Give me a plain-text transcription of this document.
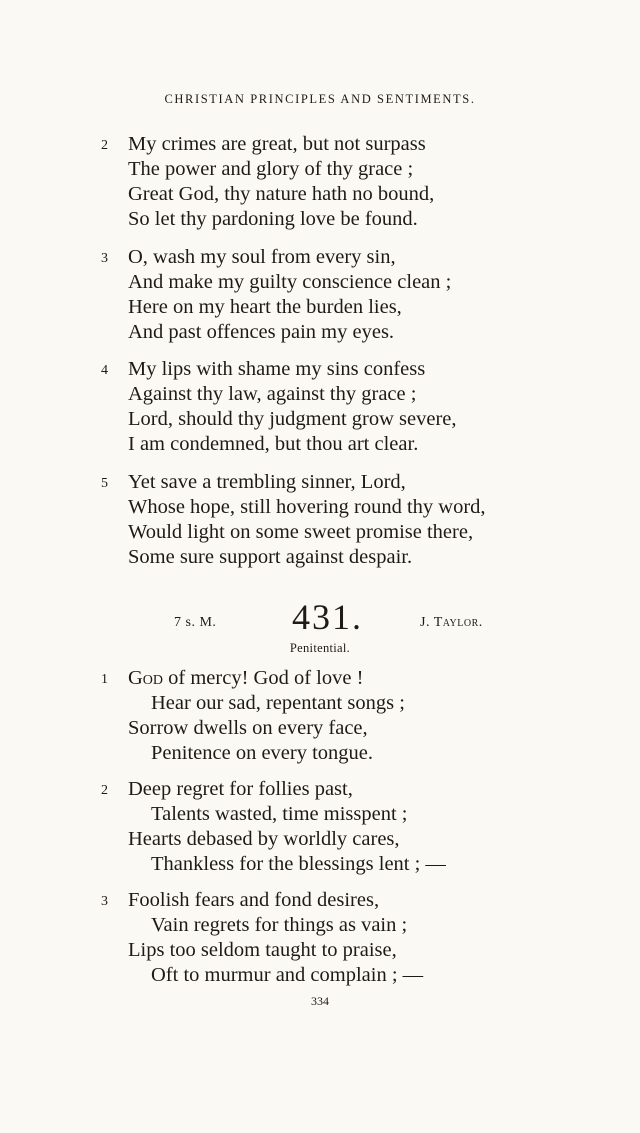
CHRISTIAN PRINCIPLES AND SENTIMENTS.
2 My crimes are great, but not surpass
The power and glory of thy grace ;
Great God, thy nature hath no bound,
So let thy pardoning love be found.
3 O, wash my soul from every sin,
And make my guilty conscience clean ;
Here on my heart the burden lies,
And past offences pain my eyes.
4 My lips with shame my sins confess
Against thy law, against thy grace ;
Lord, should thy judgment grow severe,
I am condemned, but thou art clear.
5 Yet save a trembling sinner, Lord,
Whose hope, still hovering round thy word,
Would light on some sweet promise there,
Some sure support against despair.
7 s. M. 431.	J. Taylor.
Penitential.
1 God of mercy! God of love !
Hear our sad, repentant songs ;
Sorrow dwells on every face,
Penitence on every tongue.
2 Deep regret for follies past,
Talents wasted, time misspent ;
Hearts debased by worldly cares,
Thankless for the blessings lent ; —
3 Foolish fears and fond desires,
Vain regrets for things as vain ;
Lips too seldom taught to praise,
Oft to murmur and complain ; —
334
